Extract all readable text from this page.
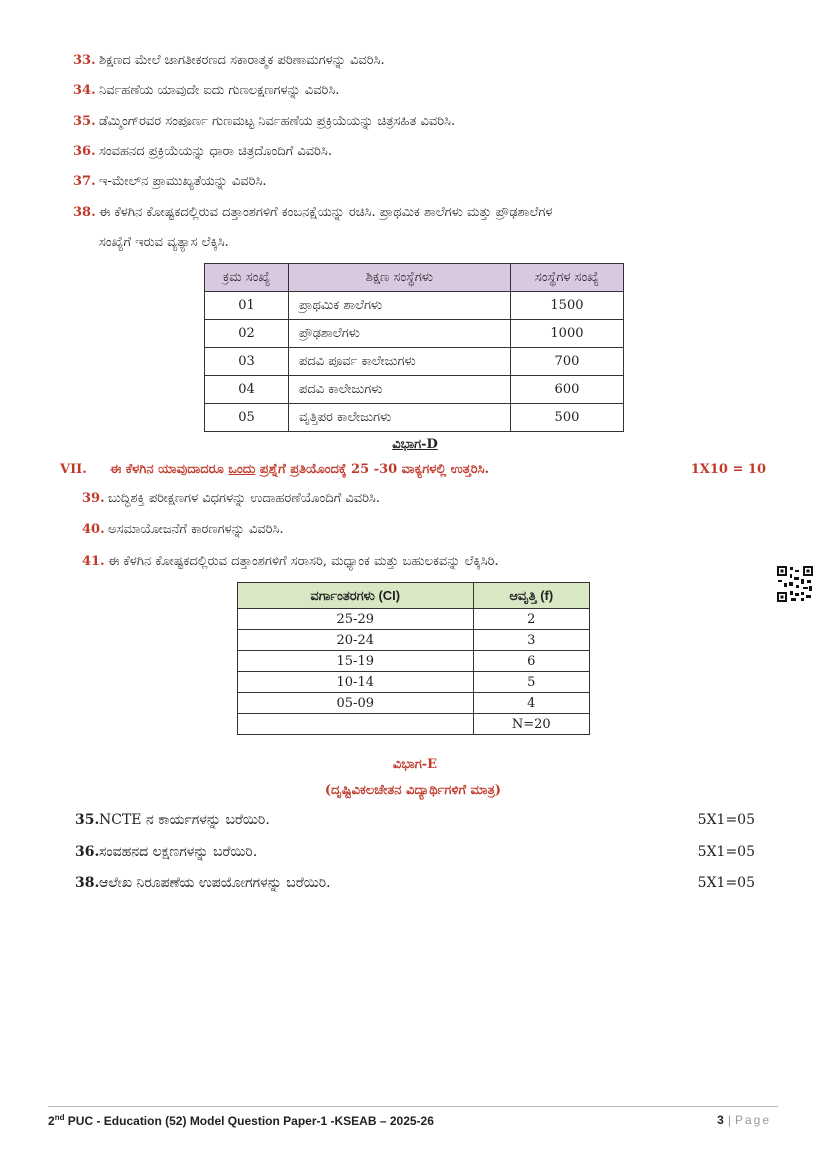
33. ಶಿಕ್ಷಣದ ಮೇಲೆ ಜಾಗತೀಕರಣದ ಸಕಾರಾತ್ಮಕ ಪರಿಣಾಮಗಳನ್ನು ವಿವರಿಸಿ.
34. ನಿರ್ವಹಣೆಯ ಯಾವುದೇ ಐದು ಗುಣಲಕ್ಷಣಗಳನ್ನು ವಿವರಿಸಿ.
35. ಡೆಮ್ಮಿಂಗ್‌ರವರ ಸಂಪೂರ್ಣ ಗುಣಮಟ್ಟ ನಿರ್ವಹಣೆಯ ಪ್ರಕ್ರಿಯೆಯನ್ನು ಚಿತ್ರಸಹಿತ ವಿವರಿಸಿ.
36. ಸಂವಹನದ ಪ್ರಕ್ರಿಯೆಯನ್ನು ಧಾರಾ ಚಿತ್ರದೊಂದಿಗೆ ವಿವರಿಸಿ.
37. ಇ-ಮೇಲ್‌ನ ಪ್ರಾಮುಖ್ಯತೆಯನ್ನು ವಿವರಿಸಿ.
38. ಈ ಕೆಳಗಿನ ಕೋಷ್ಟಕದಲ್ಲಿರುವ ದತ್ತಾಂಶಗಳಿಗೆ ಕಂಬನಕ್ಷೆಯನ್ನು ರಚಿಸಿ. ಪ್ರಾಥಮಿಕ ಶಾಲೆಗಳು ಮತ್ತು ಪ್ರೌಢಶಾಲೆಗಳ
ಸಂಖ್ಯೆಗೆ ಇರುವ ವ್ಯತ್ಯಾಸ ಲೆಕ್ಕಿಸಿ.
ಕ್ರಮ ಸಂಖ್ಯೆ	ಶಿಕ್ಷಣ ಸಂಸ್ಥೆಗಳು	ಸಂಸ್ಥೆಗಳ ಸಂಖ್ಯೆ
01	ಪ್ರಾಥಮಿಕ ಶಾಲೆಗಳು	1500
02	ಪ್ರೌಢಶಾಲೆಗಳು	1000
03	ಪದವಿ ಪೂರ್ವ ಕಾಲೇಜುಗಳು	700
04	ಪದವಿ ಕಾಲೇಜುಗಳು	600
05	ವೃತ್ತಿಪರ ಕಾಲೇಜುಗಳು	500
ವಿಭಾಗ-D
VII. ಈ ಕೆಳಗಿನ ಯಾವುದಾದರೂ ಒಂದು ಪ್ರಶ್ನೆಗೆ ಪ್ರತಿಯೊಂದಕ್ಕೆ 25 -30 ವಾಕ್ಯಗಳಲ್ಲಿ ಉತ್ತರಿಸಿ.	1X10 = 10
39. ಬುದ್ಧಿಶಕ್ತಿ ಪರೀಕ್ಷಣಗಳ ವಿಧಗಳನ್ನು ಉದಾಹರಣೆಯೊಂದಿಗೆ ವಿವರಿಸಿ.
40. ಅಸಮಾಯೋಜನೆಗೆ ಕಾರಣಗಳನ್ನು ವಿವರಿಸಿ.
41. ಈ ಕೆಳಗಿನ ಕೋಷ್ಟಕದಲ್ಲಿರುವ ದತ್ತಾಂಶಗಳಿಗೆ ಸರಾಸರಿ, ಮಧ್ಯಾಂಕ ಮತ್ತು ಬಹುಲಕವನ್ನು ಲೆಕ್ಕಿಸಿರಿ.
ವರ್ಗಾಂತರಗಳು (CI)	ಆವೃತ್ತಿ (f)
25-29	2
20-24	3
15-19	6
10-14	5
05-09	4
	N=20
ವಿಭಾಗ-E
(ದೃಷ್ಟಿವಿಕಲಚೇತನ ವಿದ್ಯಾರ್ಥಿಗಳಿಗೆ ಮಾತ್ರ)
35.NCTE ನ ಕಾರ್ಯಗಳನ್ನು ಬರೆಯಿರಿ.	5X1=05
36.ಸಂವಹನದ ಲಕ್ಷಣಗಳನ್ನು ಬರೆಯಿರಿ.	5X1=05
38.ಆಲೇಖ ನಿರೂಪಣೆಯ ಉಪಯೋಗಗಳನ್ನು ಬರೆಯಿರಿ.	5X1=05
2nd PUC - Education (52) Model Question Paper-1 -KSEAB – 2025-26	3 | Page
